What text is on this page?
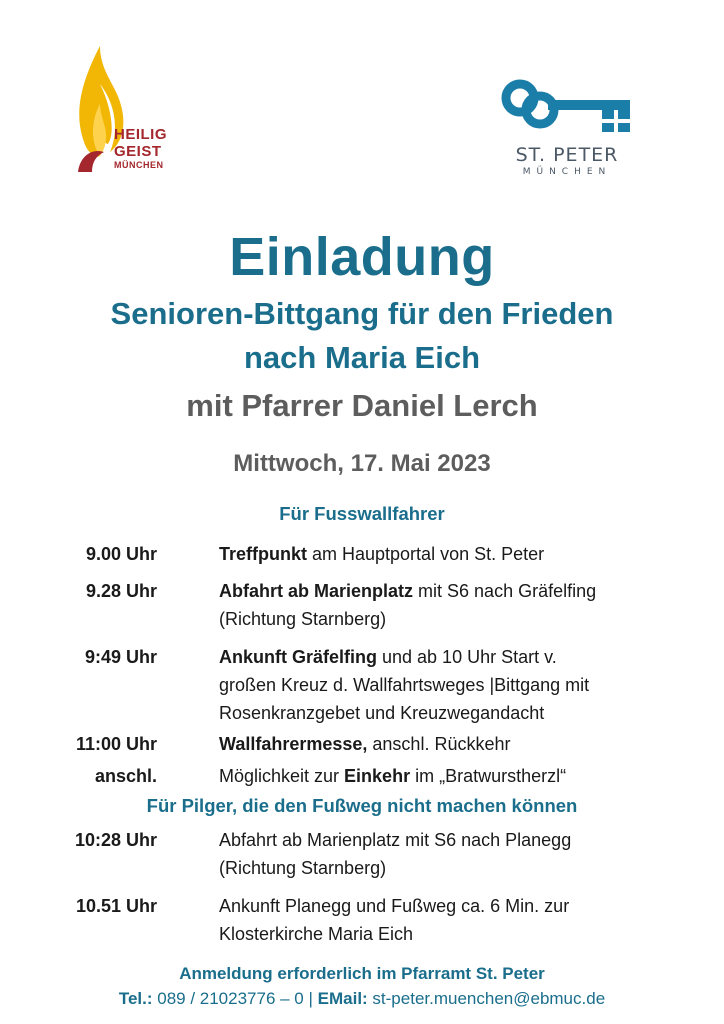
HEILIG
GEIST
MÜNCHEN	ST. PETER
MÜNCHEN
Einladung
Senioren-Bittgang für den Frieden
nach Maria Eich
mit Pfarrer Daniel Lerch
Mittwoch, 17. Mai 2023
Für Fusswallfahrer
9.00 Uhr	Treffpunkt am Hauptportal von St. Peter
9.28 Uhr	Abfahrt ab Marienplatz mit S6 nach Gräfelfing
(Richtung Starnberg)
9:49 Uhr	Ankunft Gräfelfing und ab 10 Uhr Start v.
großen Kreuz d. Wallfahrtsweges |Bittgang mit
Rosenkranzgebet und Kreuzwegandacht
11:00 Uhr	Wallfahrermesse, anschl. Rückkehr
anschl.	Möglichkeit zur Einkehr im „Bratwurstherzl“
Für Pilger, die den Fußweg nicht machen können
10:28 Uhr	Abfahrt ab Marienplatz mit S6 nach Planegg
(Richtung Starnberg)
10.51 Uhr	Ankunft Planegg und Fußweg ca. 6 Min. zur
Klosterkirche Maria Eich
Anmeldung erforderlich im Pfarramt St. Peter
Tel.: 089 / 21023776 – 0 | EMail: st-peter.muenchen@ebmuc.de
